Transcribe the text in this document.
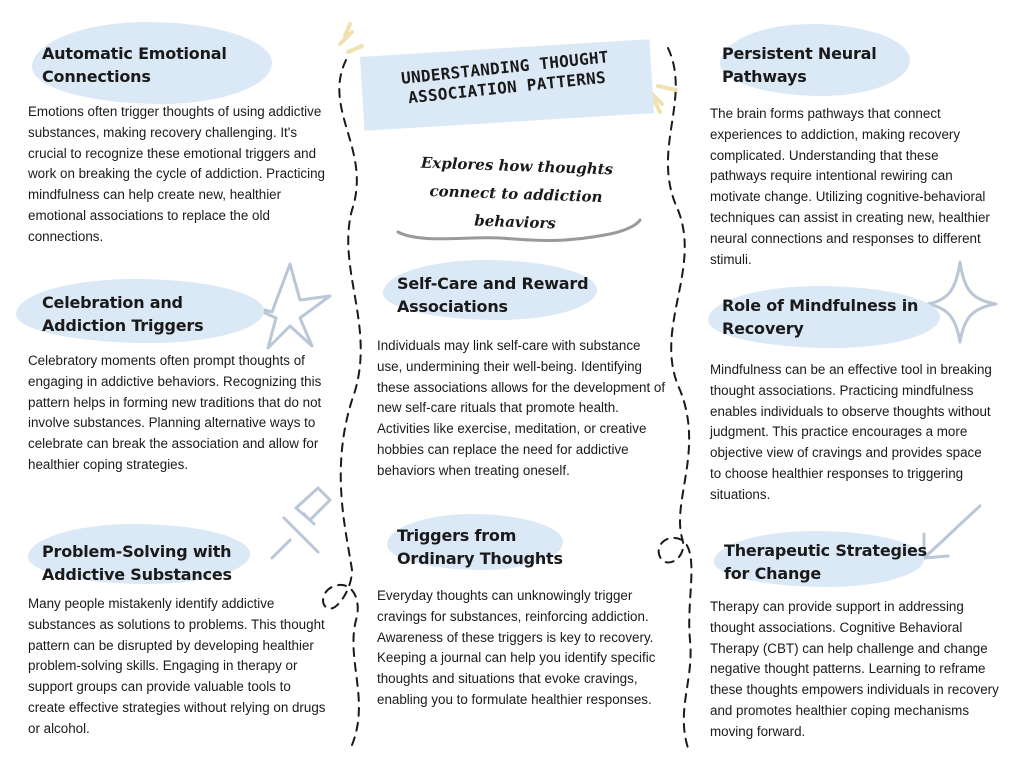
UNDERSTANDING THOUGHT ASSOCIATION PATTERNS
Explores how thoughts connect to addiction behaviors
Automatic Emotional Connections

Emotions often trigger thoughts of using addictive substances, making recovery challenging. It's crucial to recognize these emotional triggers and work on breaking the cycle of addiction. Practicing mindfulness can help create new, healthier emotional associations to replace the old connections.

Celebration and Addiction Triggers

Celebratory moments often prompt thoughts of engaging in addictive behaviors. Recognizing this pattern helps in forming new traditions that do not involve substances. Planning alternative ways to celebrate can break the association and allow for healthier coping strategies.

Problem-Solving with Addictive Substances

Many people mistakenly identify addictive substances as solutions to problems. This thought pattern can be disrupted by developing healthier problem-solving skills. Engaging in therapy or support groups can provide valuable tools to create effective strategies without relying on drugs or alcohol.

Self-Care and Reward Associations

Individuals may link self-care with substance use, undermining their well-being. Identifying these associations allows for the development of new self-care rituals that promote health. Activities like exercise, meditation, or creative hobbies can replace the need for addictive behaviors when treating oneself.

Triggers from Ordinary Thoughts

Everyday thoughts can unknowingly trigger cravings for substances, reinforcing addiction. Awareness of these triggers is key to recovery. Keeping a journal can help you identify specific thoughts and situations that evoke cravings, enabling you to formulate healthier responses.

Persistent Neural Pathways

The brain forms pathways that connect experiences to addiction, making recovery complicated. Understanding that these pathways require intentional rewiring can motivate change. Utilizing cognitive-behavioral techniques can assist in creating new, healthier neural connections and responses to different stimuli.

Role of Mindfulness in Recovery

Mindfulness can be an effective tool in breaking thought associations. Practicing mindfulness enables individuals to observe thoughts without judgment. This practice encourages a more objective view of cravings and provides space to choose healthier responses to triggering situations.

Therapeutic Strategies for Change

Therapy can provide support in addressing thought associations. Cognitive Behavioral Therapy (CBT) can help challenge and change negative thought patterns. Learning to reframe these thoughts empowers individuals in recovery and promotes healthier coping mechanisms moving forward.
